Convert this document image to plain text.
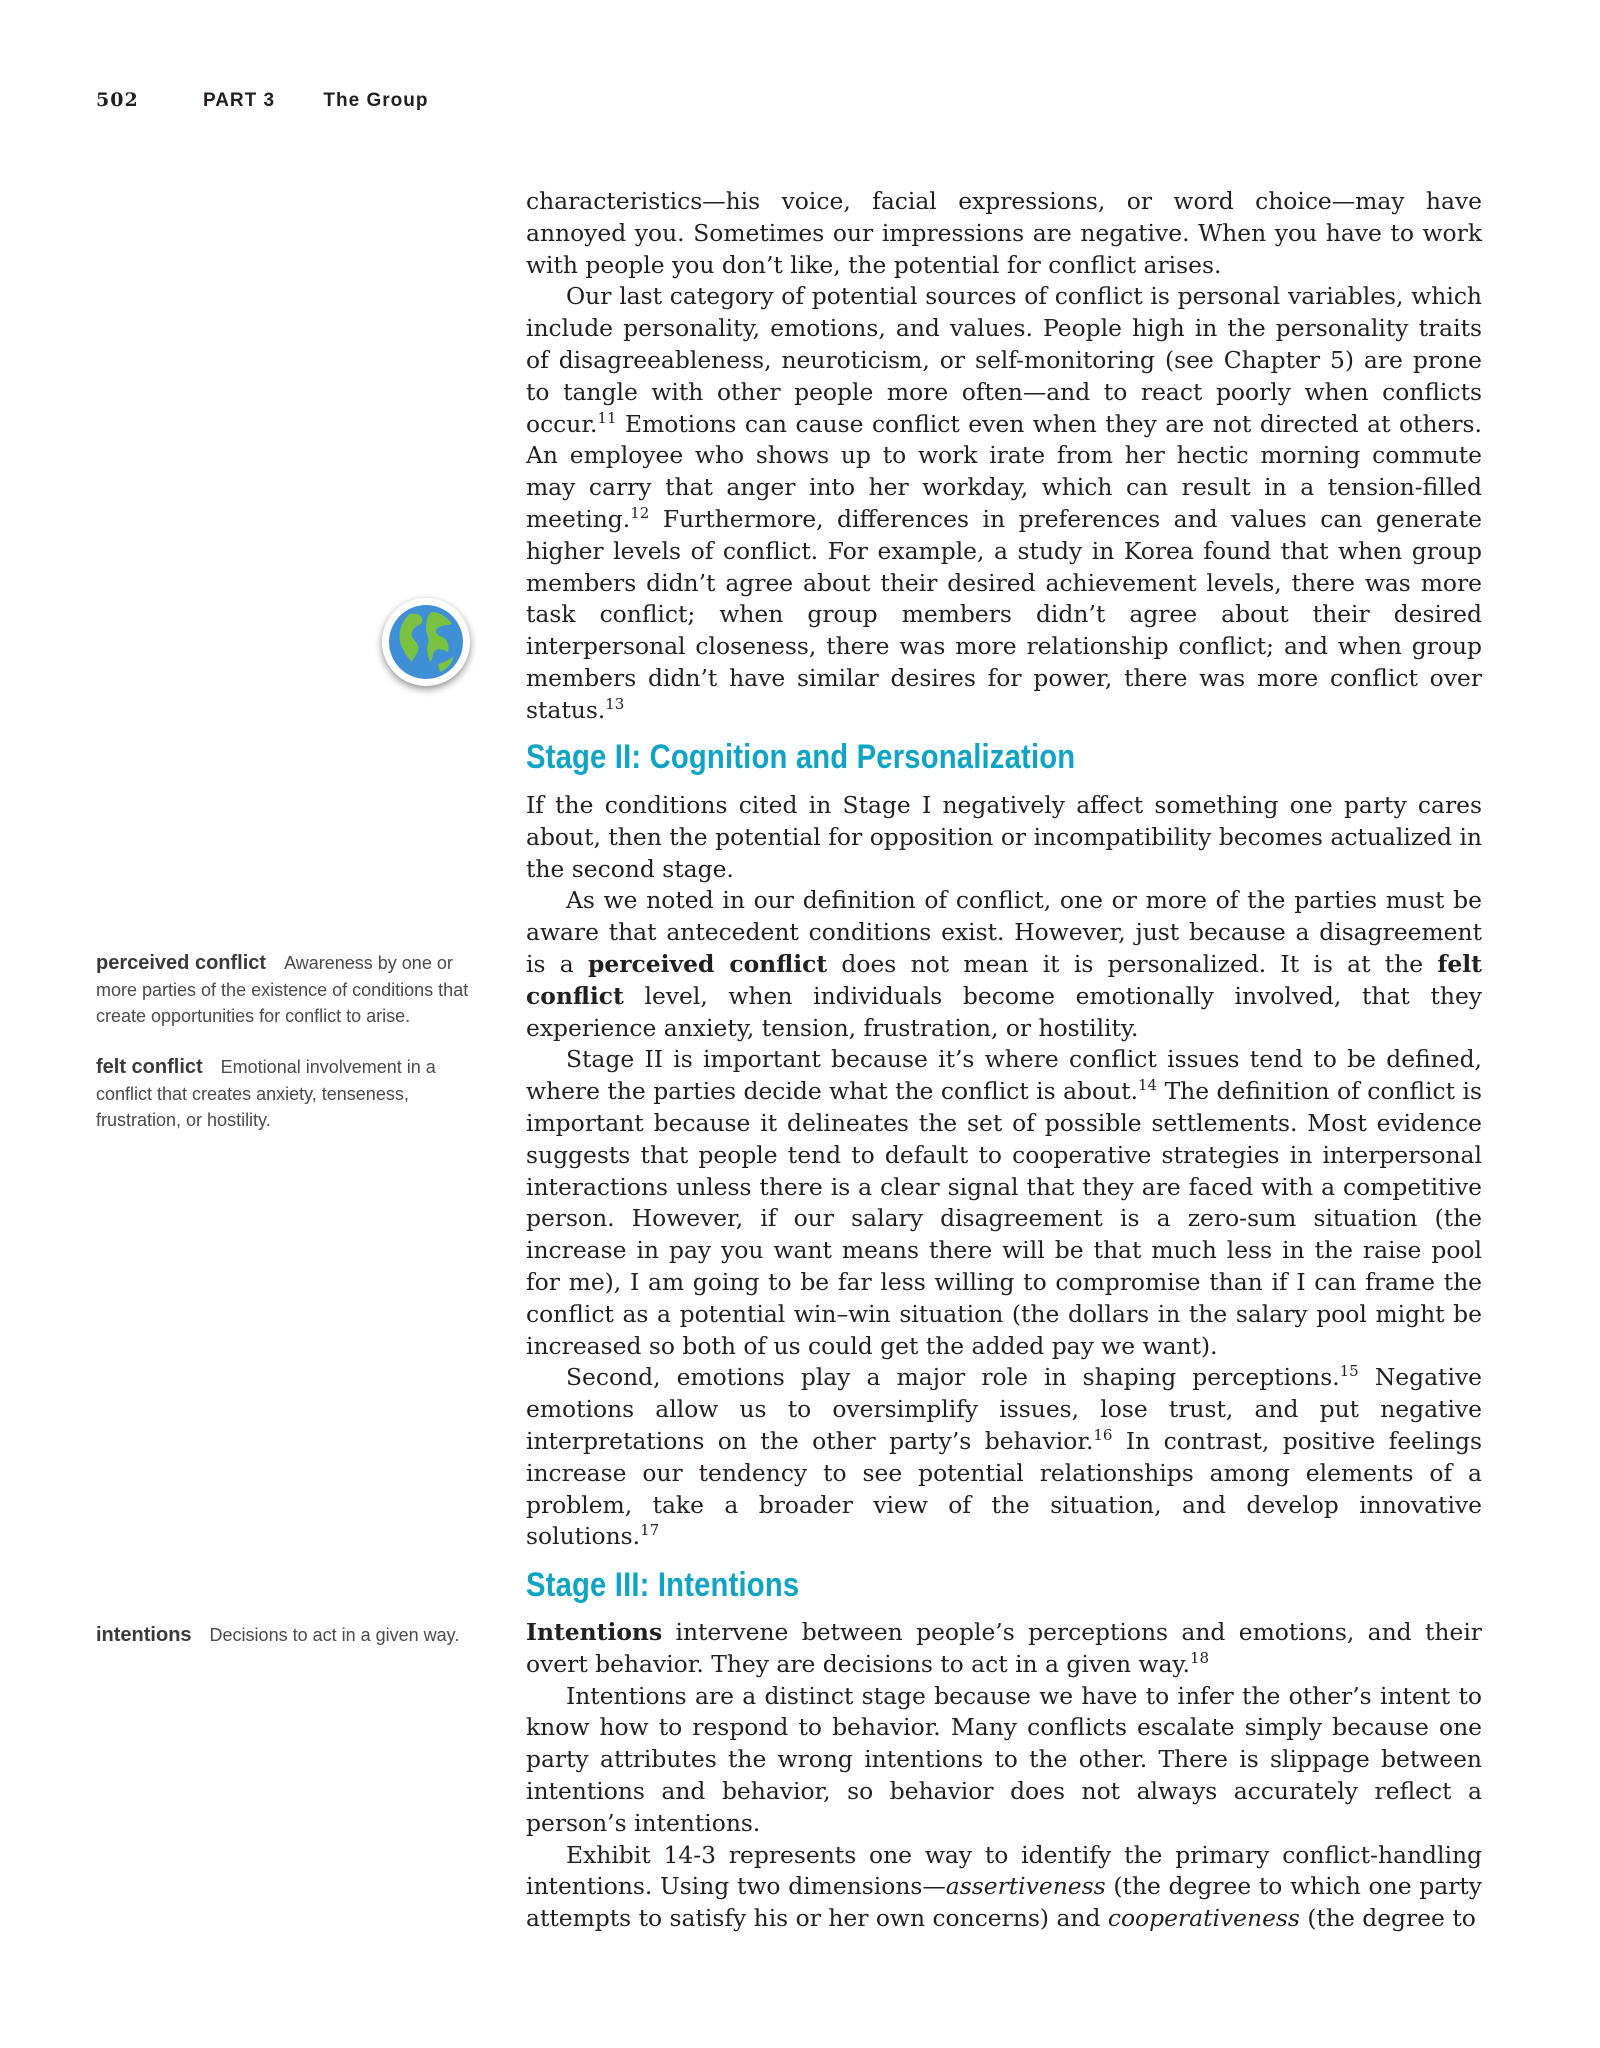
502	PART 3	The Group

characteristics—his voice, facial expressions, or word choice—may have annoyed you. Sometimes our impressions are negative. When you have to work with people you don’t like, the potential for conflict arises.

Our last category of potential sources of conflict is personal variables, which include personality, emotions, and values. People high in the personality traits of disagreeableness, neuroticism, or self-monitoring (see Chapter 5) are prone to tangle with other people more often—and to react poorly when conflicts occur.$^{11}$ Emotions can cause conflict even when they are not directed at others. An employee who shows up to work irate from her hectic morning commute may carry that anger into her workday, which can result in a tension-filled meeting.$^{12}$ Furthermore, differences in preferences and values can generate higher levels of conflict. For example, a study in Korea found that when group members didn’t agree about their desired achievement levels, there was more task conflict; when group members didn’t agree about their desired interpersonal closeness, there was more relationship conflict; and when group members didn’t have similar desires for power, there was more conflict over status.$^{13}$

Stage II: Cognition and Personalization

If the conditions cited in Stage I negatively affect something one party cares about, then the potential for opposition or incompatibility becomes actualized in the second stage.

As we noted in our definition of conflict, one or more of the parties must be aware that antecedent conditions exist. However, just because a disagreement is a perceived conflict does not mean it is personalized. It is at the felt conflict level, when individuals become emotionally involved, that they experience anxiety, tension, frustration, or hostility.

Stage II is important because it’s where conflict issues tend to be defined, where the parties decide what the conflict is about.$^{14}$ The definition of conflict is important because it delineates the set of possible settlements. Most evidence suggests that people tend to default to cooperative strategies in interpersonal interactions unless there is a clear signal that they are faced with a competitive person. However, if our salary disagreement is a zero-sum situation (the increase in pay you want means there will be that much less in the raise pool for me), I am going to be far less willing to compromise than if I can frame the conflict as a potential win–win situation (the dollars in the salary pool might be increased so both of us could get the added pay we want).

Second, emotions play a major role in shaping perceptions.$^{15}$ Negative emotions allow us to oversimplify issues, lose trust, and put negative interpretations on the other party’s behavior.$^{16}$ In contrast, positive feelings increase our tendency to see potential relationships among elements of a problem, take a broader view of the situation, and develop innovative solutions.$^{17}$

Stage III: Intentions

Intentions intervene between people’s perceptions and emotions, and their overt behavior. They are decisions to act in a given way.$^{18}$

Intentions are a distinct stage because we have to infer the other’s intent to know how to respond to behavior. Many conflicts escalate simply because one party attributes the wrong intentions to the other. There is slippage between intentions and behavior, so behavior does not always accurately reflect a person’s intentions.

Exhibit 14-3 represents one way to identify the primary conflict-handling intentions. Using two dimensions—assertiveness (the degree to which one party attempts to satisfy his or her own concerns) and cooperativeness (the degree to

perceived conflict Awareness by one or more parties of the existence of conditions that create opportunities for conflict to arise.
felt conflict Emotional involvement in a conflict that creates anxiety, tenseness, frustration, or hostility.
intentions Decisions to act in a given way.
